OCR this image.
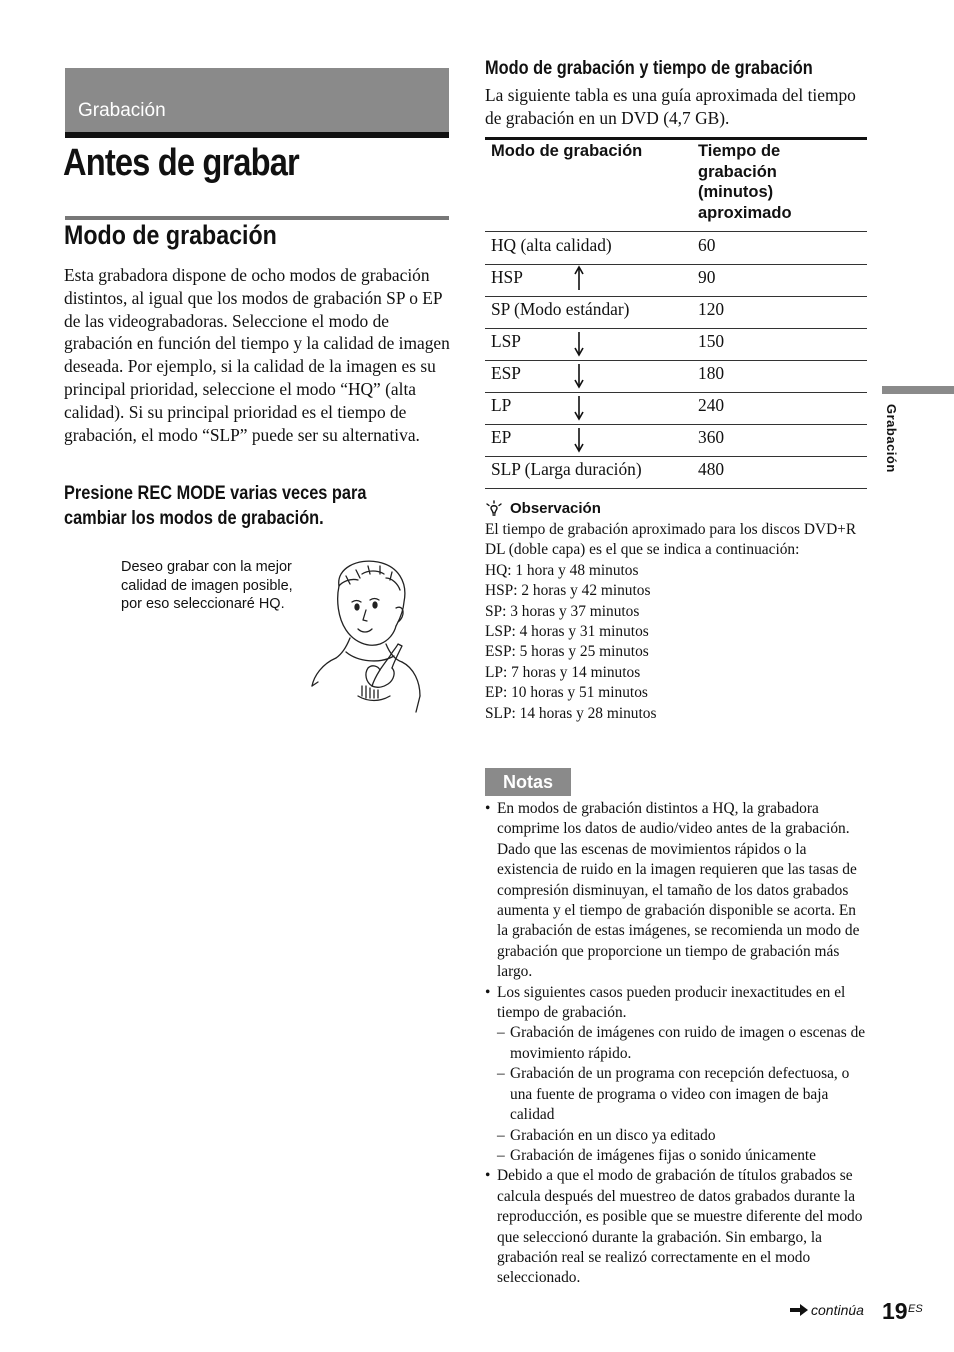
Grabación
Antes de grabar
Modo de grabación
Esta grabadora dispone de ocho modos de grabación distintos, al igual que los modos de grabación SP o EP de las videograbadoras. Seleccione el modo de grabación en función del tiempo y la calidad de imagen deseada. Por ejemplo, si la calidad de la imagen es su principal prioridad, seleccione el modo “HQ” (alta calidad). Si su principal prioridad es el tiempo de grabación, el modo “SLP” puede ser su alternativa.
Presione REC MODE varias veces para cambiar los modos de grabación.
Deseo grabar con la mejor calidad de imagen posible, por eso seleccionaré HQ.
Modo de grabación y tiempo de grabación
La siguiente tabla es una guía aproximada del tiempo de grabación en un DVD (4,7 GB).
Modo de grabación	Tiempo de grabación (minutos) aproximado
HQ (alta calidad)	60
HSP	90
SP (Modo estándar)	120
LSP	150
ESP	180
LP	240
EP	360
SLP (Larga duración)	480
Observación
El tiempo de grabación aproximado para los discos DVD+R DL (doble capa) es el que se indica a continuación:
HQ: 1 hora y 48 minutos
HSP: 2 horas y 42 minutos
SP: 3 horas y 37 minutos
LSP: 4 horas y 31 minutos
ESP: 5 horas y 25 minutos
LP: 7 horas y 14 minutos
EP: 10 horas y 51 minutos
SLP: 14 horas y 28 minutos
Notas
• En modos de grabación distintos a HQ, la grabadora comprime los datos de audio/video antes de la grabación. Dado que las escenas de movimientos rápidos o la existencia de ruido en la imagen requieren que las tasas de compresión disminuyan, el tamaño de los datos grabados aumenta y el tiempo de grabación disponible se acorta. En la grabación de estas imágenes, se recomienda un modo de grabación que proporcione un tiempo de grabación más largo.
• Los siguientes casos pueden producir inexactitudes en el tiempo de grabación.
– Grabación de imágenes con ruido de imagen o escenas de movimiento rápido.
– Grabación de un programa con recepción defectuosa, o una fuente de programa o video con imagen de baja calidad
– Grabación en un disco ya editado
– Grabación de imágenes fijas o sonido únicamente
• Debido a que el modo de grabación de títulos grabados se calcula después del muestreo de datos grabados durante la reproducción, es posible que se muestre diferente del modo que seleccionó durante la grabación. Sin embargo, la grabación real se realizó correctamente en el modo seleccionado.
Grabación
continúa 19 ES
